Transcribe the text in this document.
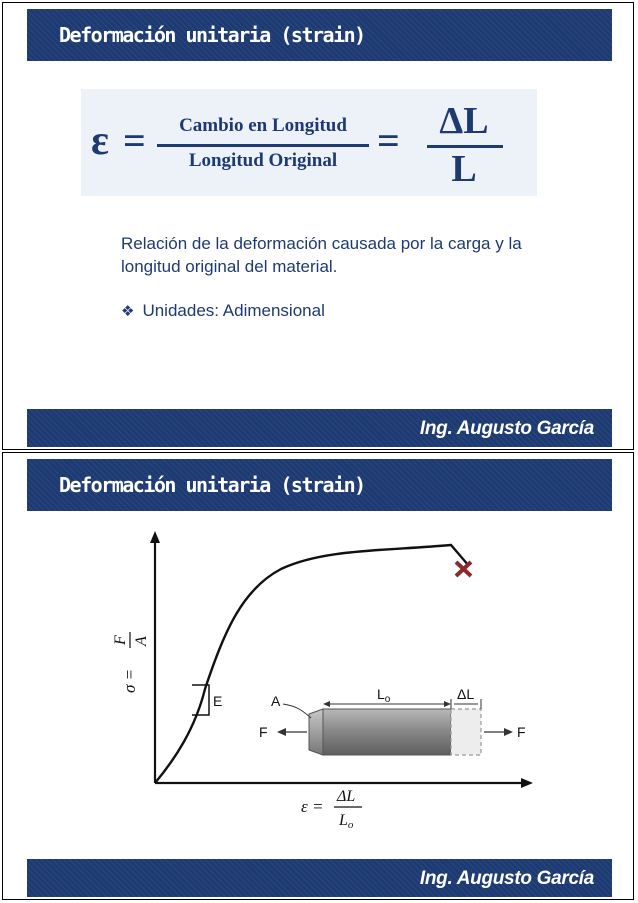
Deformación unitaria (strain)
ε =	Cambio en Longitud
Longitud Original =	ΔL
L
Relación de la deformación causada por la carga y la longitud original del material.
❖ Unidades: Adimensional
Ing. Augusto García
Deformación unitaria (strain)
E
σ =
F A
ε =
ΔL
Lo
F	F
A	$L_o$	ΔL
Ing. Augusto García
